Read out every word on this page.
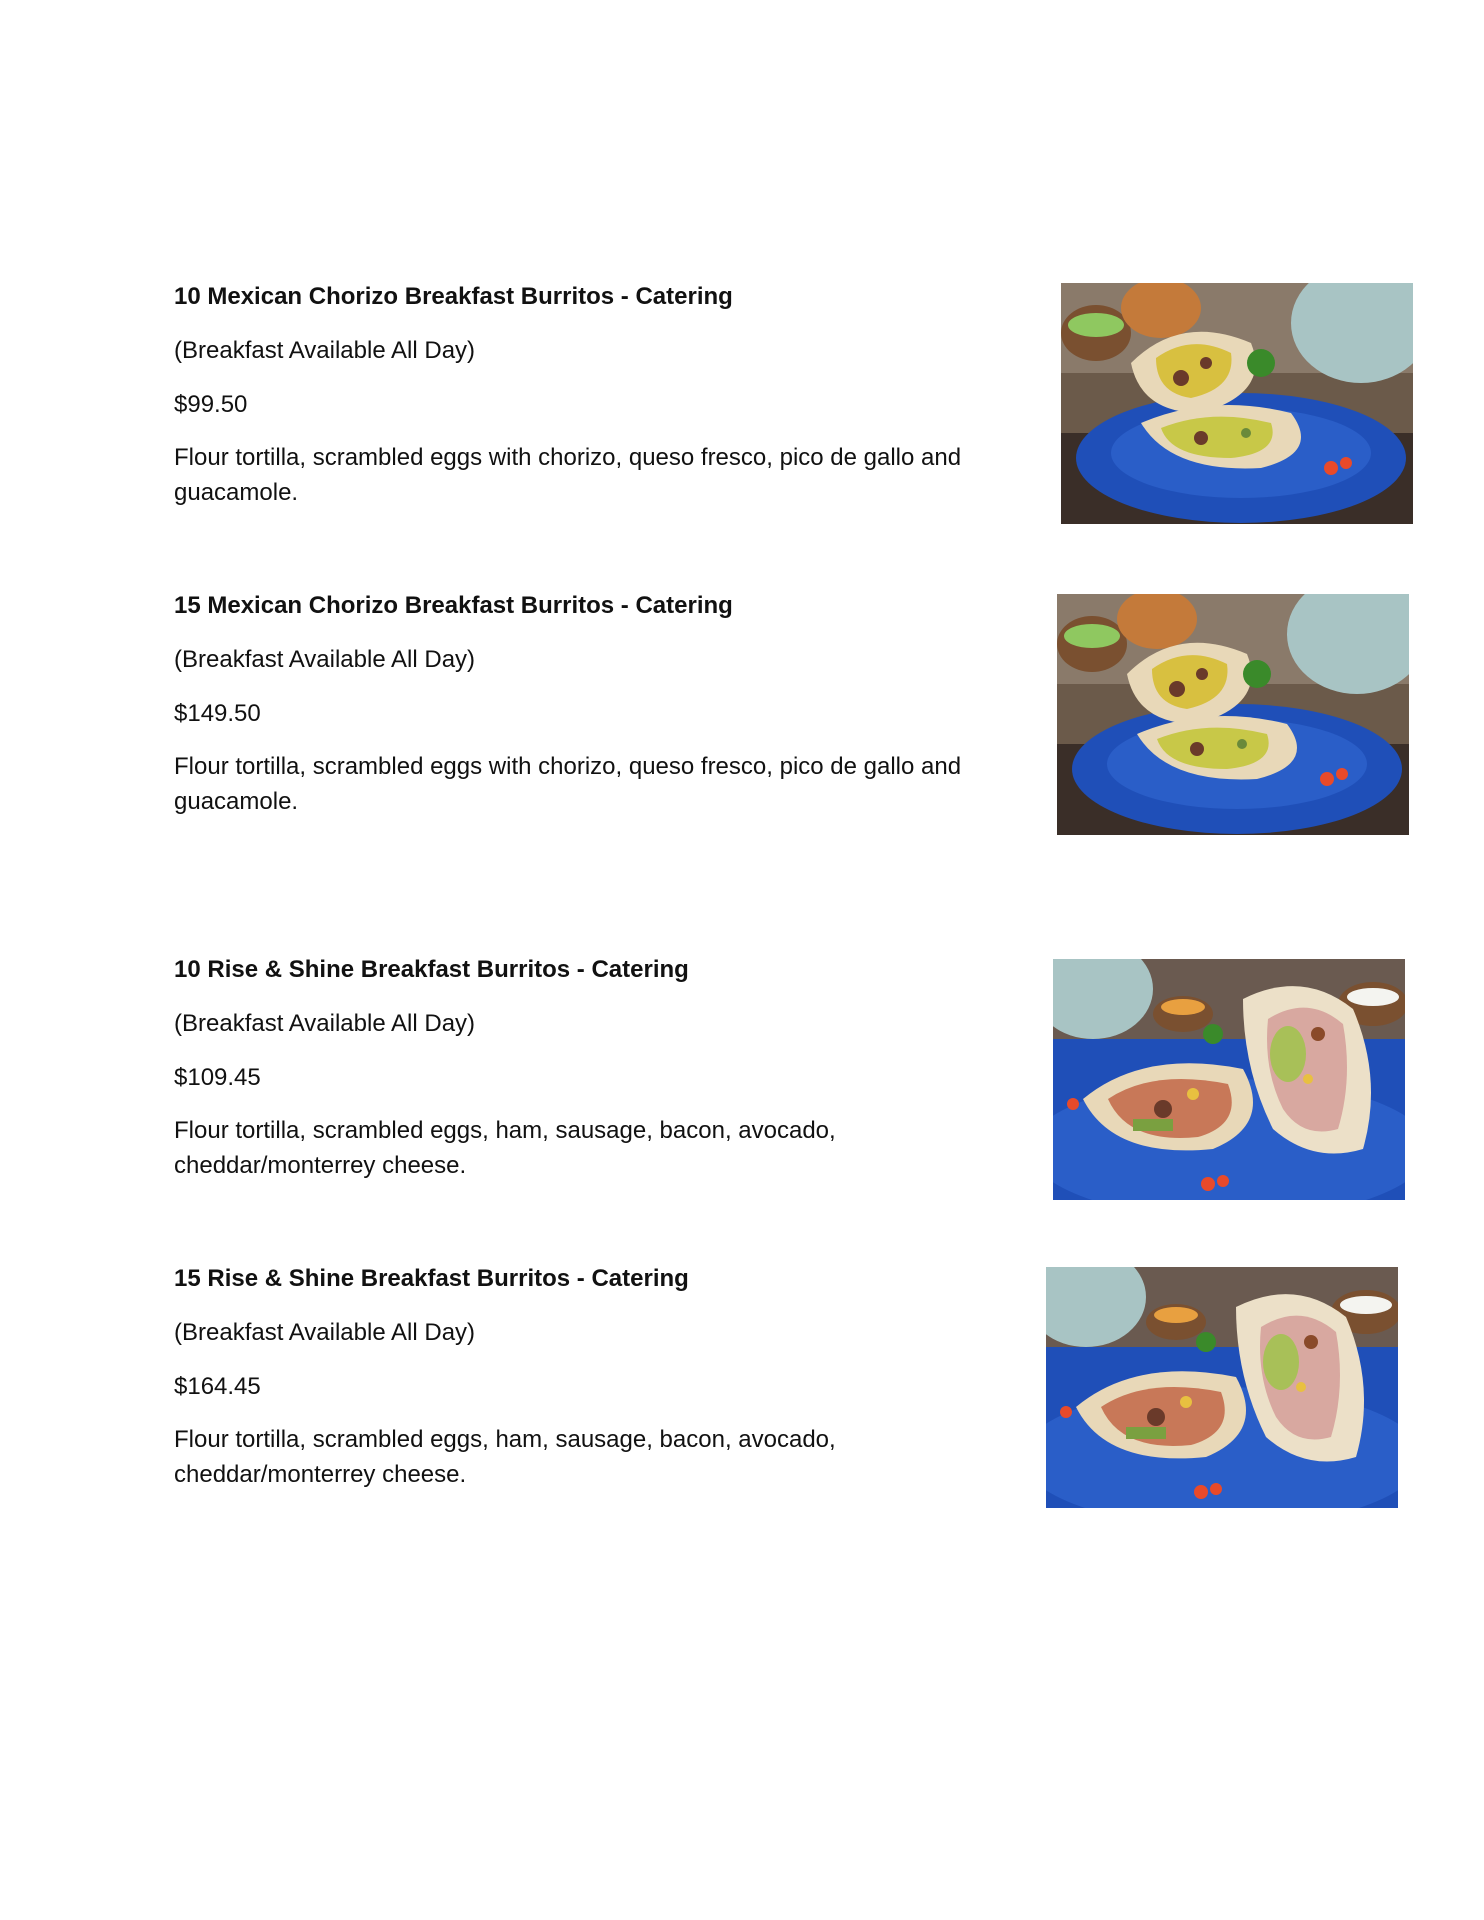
10 Mexican Chorizo Breakfast Burritos - Catering

(Breakfast Available All Day)

$99.50

Flour tortilla, scrambled eggs with chorizo, queso fresco, pico de gallo and guacamole.

15 Mexican Chorizo Breakfast Burritos - Catering

(Breakfast Available All Day)

$149.50

Flour tortilla, scrambled eggs with chorizo, queso fresco, pico de gallo and guacamole.

10 Rise & Shine Breakfast Burritos - Catering

(Breakfast Available All Day)

$109.45

Flour tortilla, scrambled eggs, ham, sausage, bacon, avocado, cheddar/monterrey cheese.

15 Rise & Shine Breakfast Burritos - Catering

(Breakfast Available All Day)

$164.45

Flour tortilla, scrambled eggs, ham, sausage, bacon, avocado, cheddar/monterrey cheese.
